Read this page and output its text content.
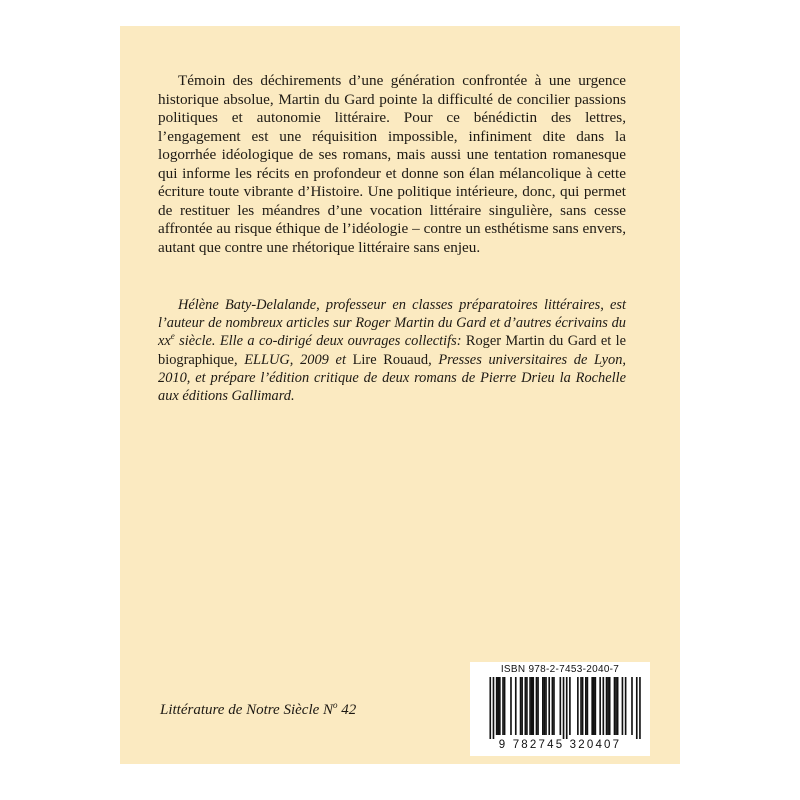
Témoin des déchirements d’une génération confrontée à une urgence historique absolue, Martin du Gard pointe la difficulté de concilier passions politiques et autonomie littéraire. Pour ce bénédictin des lettres, l’engagement est une réquisition impossible, infiniment dite dans la logorrhée idéologique de ses romans, mais aussi une tentation romanesque qui informe les récits en profondeur et donne son élan mélancolique à cette écriture toute vibrante d’Histoire. Une politique intérieure, donc, qui permet de restituer les méandres d’une vocation littéraire singulière, sans cesse affrontée au risque éthique de l’idéologie – contre un esthétisme sans envers, autant que contre une rhétorique littéraire sans enjeu.

Hélène Baty-Delalande, professeur en classes préparatoires littéraires, est l’auteur de nombreux articles sur Roger Martin du Gard et d’autres écrivains du $xx^e$ siècle. Elle a co-dirigé deux ouvrages collectifs: Roger Martin du Gard et le biographique, ELLUG, 2009 et Lire Rouaud, Presses universitaires de Lyon, 2010, et prépare l’édition critique de deux romans de Pierre Drieu la Rochelle aux éditions Gallimard.

Littérature de Notre Siècle $N^o$ 42
ISBN 978-2-7453-2040-7
9 782745 320407
